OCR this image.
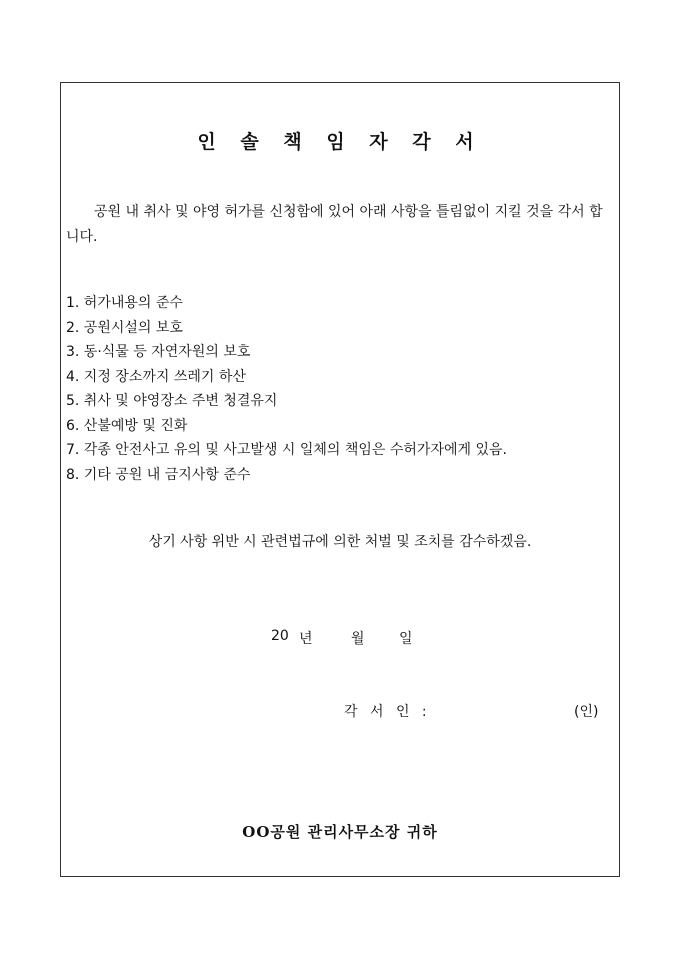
인 솔 책 임 자 각 서

공원 내 취사 및 야영 허가를 신청함에 있어 아래 사항을 틀림없이 지킬 것을 각서 합니다.

1. 허가내용의 준수
2. 공원시설의 보호
3. 동·식물 등 자연자원의 보호
4. 지정 장소까지 쓰레기 하산
5. 취사 및 야영장소 주변 청결유지
6. 산불예방 및 진화
7. 각종 안전사고 유의 및 사고발생 시 일체의 책임은 수허가자에게 있음.
8. 기타 공원 내 금지사항 준수

상기 사항 위반 시 관련법규에 의한 처벌 및 조치를 감수하겠음.

20 년	월 일
각 서 인 :	(인)

OO공원 관리사무소장 귀하
